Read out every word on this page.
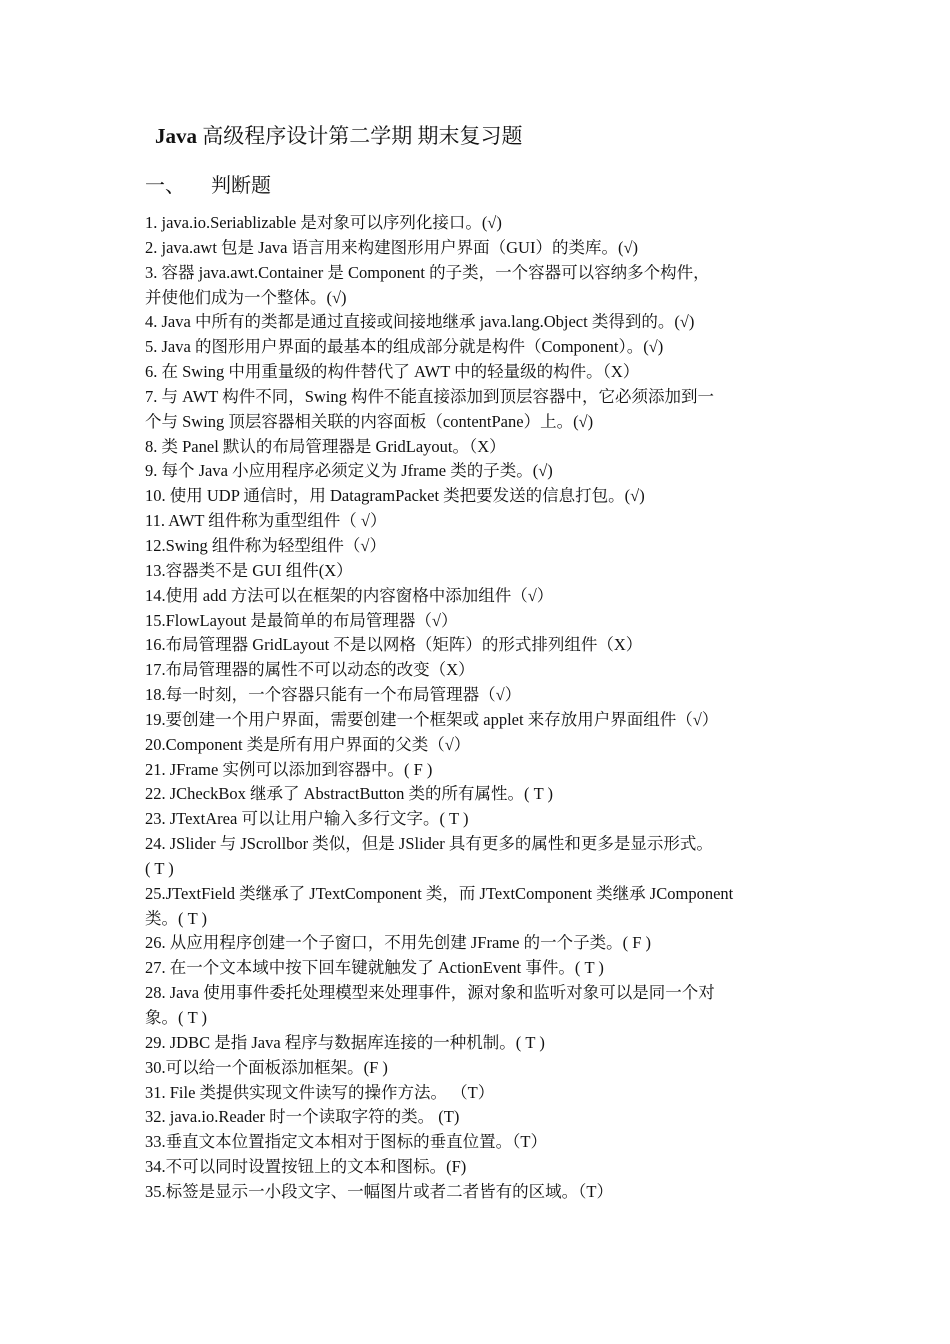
Java 高级程序设计第二学期 期末复习题
一、 判断题
1. java.io.Seriablizable 是对象可以序列化接口。(√)
2. java.awt 包是 Java 语言用来构建图形用户界面（GUI）的类库。(√)
3. 容器 java.awt.Container 是 Component 的子类，一个容器可以容纳多个构件，
并使他们成为一个整体。(√)
4. Java 中所有的类都是通过直接或间接地继承 java.lang.Object 类得到的。(√)
5. Java 的图形用户界面的最基本的组成部分就是构件（Component）。(√)
6. 在 Swing 中用重量级的构件替代了 AWT 中的轻量级的构件。（X）
7. 与 AWT 构件不同，Swing 构件不能直接添加到顶层容器中，它必须添加到一
个与 Swing 顶层容器相关联的内容面板（contentPane）上。(√)
8. 类 Panel 默认的布局管理器是 GridLayout。（X）
9. 每个 Java 小应用程序必须定义为 Jframe 类的子类。(√)
10. 使用 UDP 通信时，用 DatagramPacket 类把要发送的信息打包。(√)
11. AWT 组件称为重型组件（ √）
12.Swing 组件称为轻型组件（√）
13.容器类不是 GUI 组件(X）
14.使用 add 方法可以在框架的内容窗格中添加组件（√）
15.FlowLayout 是最简单的布局管理器（√）
16.布局管理器 GridLayout 不是以网格（矩阵）的形式排列组件（X）
17.布局管理器的属性不可以动态的改变（X）
18.每一时刻，一个容器只能有一个布局管理器（√）
19.要创建一个用户界面，需要创建一个框架或 applet 来存放用户界面组件（√）
20.Component 类是所有用户界面的父类（√）
21. JFrame 实例可以添加到容器中。( F )
22. JCheckBox 继承了 AbstractButton 类的所有属性。( T )
23. JTextArea 可以让用户输入多行文字。( T )
24. JSlider 与 JScrollbor 类似，但是 JSlider 具有更多的属性和更多是显示形式。
( T )
25.JTextField 类继承了 JTextComponent 类，而 JTextComponent 类继承 JComponent
类。( T )
26. 从应用程序创建一个子窗口，不用先创建 JFrame 的一个子类。( F )
27. 在一个文本域中按下回车键就触发了 ActionEvent 事件。( T )
28. Java 使用事件委托处理模型来处理事件，源对象和监听对象可以是同一个对
象。( T )
29. JDBC 是指 Java 程序与数据库连接的一种机制。( T )
30.可以给一个面板添加框架。(F )
31. File 类提供实现文件读写的操作方法。 （T）
32. java.io.Reader 时一个读取字符的类。 (T)
33.垂直文本位置指定文本相对于图标的垂直位置。（T）
34.不可以同时设置按钮上的文本和图标。(F)
35.标签是显示一小段文字、一幅图片或者二者皆有的区域。（T）
